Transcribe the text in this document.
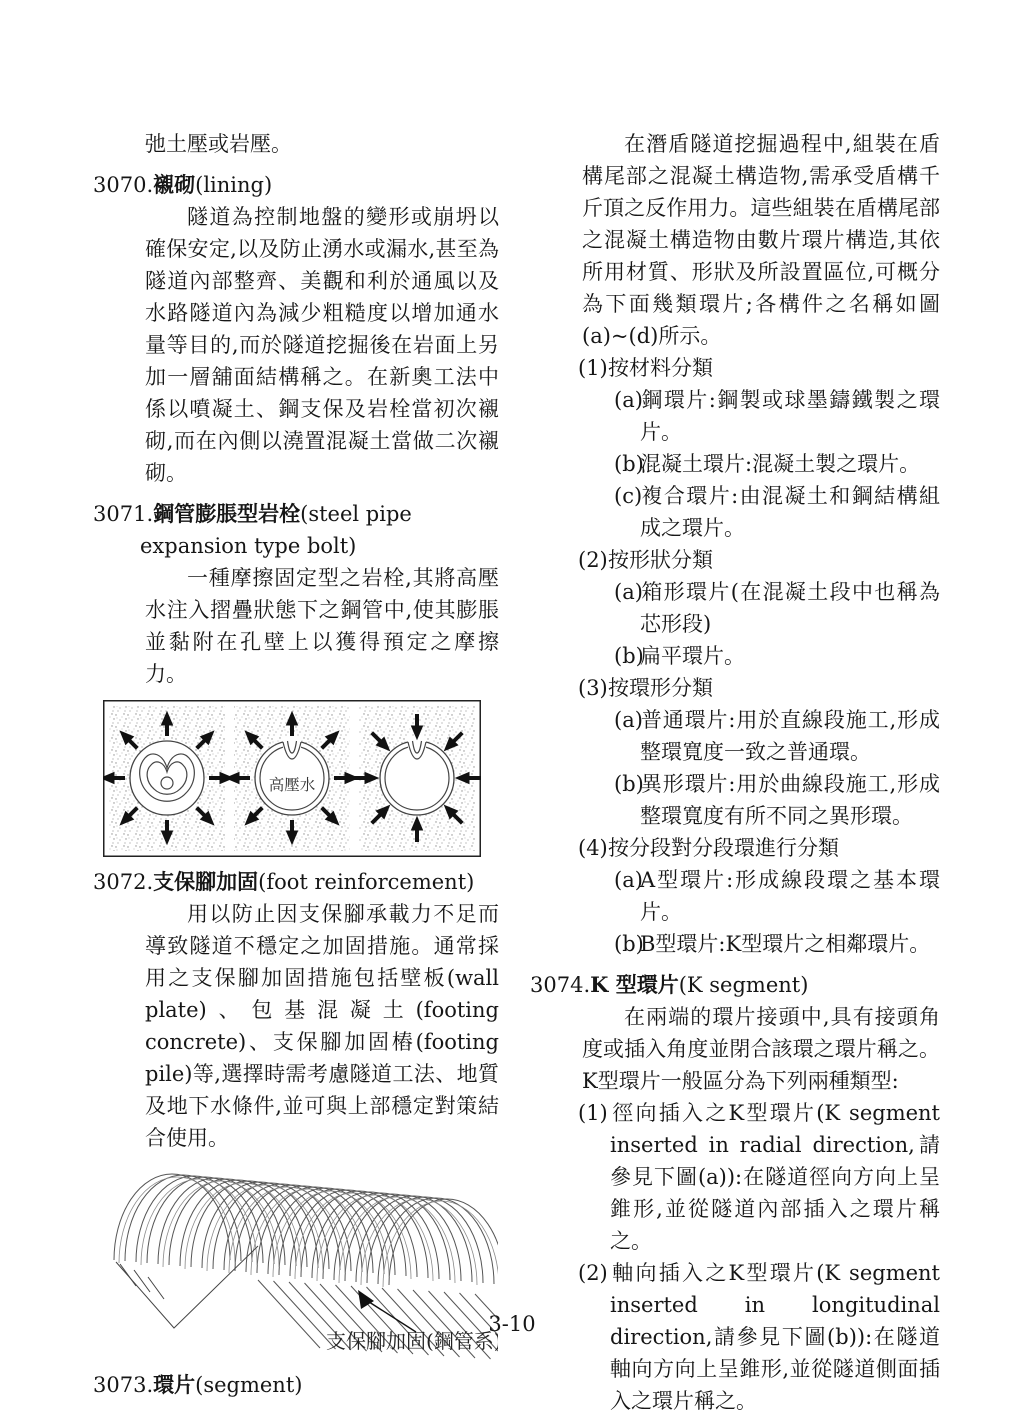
弛土壓或岩壓。
3070.襯砌(lining)
隧道為控制地盤的變形或崩坍以確保安定,以及防止湧水或漏水,甚至為隧道內部整齊、美觀和利於通風以及水路隧道內為減少粗糙度以增加通水量等目的,而於隧道挖掘後在岩面上另加一層舖面結構稱之。在新奧工法中係以噴凝土、鋼支保及岩栓當初次襯砌,而在內側以澆置混凝土當做二次襯砌。
3071.鋼管膨脹型岩栓(steel pipe expansion type bolt)
一種摩擦固定型之岩栓,其將高壓水注入摺疊狀態下之鋼管中,使其膨脹並黏附在孔壁上以獲得預定之摩擦力。
高壓水
3072.支保腳加固(foot reinforcement)
用以防止因支保腳承載力不足而導致隧道不穩定之加固措施。通常採用之支保腳加固措施包括壁板(wall plate)、包基混凝土(footing concrete)、支保腳加固樁(footing pile)等,選擇時需考慮隧道工法、地質及地下水條件,並可與上部穩定對策結合使用。
支保腳加固(鋼管系)
3073.環片(segment)
在潛盾隧道挖掘過程中,組裝在盾構尾部之混凝土構造物,需承受盾構千斤頂之反作用力。這些組裝在盾構尾部之混凝土構造物由數片環片構造,其依所用材質、形狀及所設置區位,可概分為下面幾類環片;各構件之名稱如圖(a)~(d)所示。
(1)按材料分類
(a)鋼環片:鋼製或球墨鑄鐵製之環片。
(b)混凝土環片:混凝土製之環片。
(c)複合環片:由混凝土和鋼結構組成之環片。
(2)按形狀分類
(a)箱形環片(在混凝土段中也稱為芯形段)
(b)扁平環片。
(3)按環形分類
(a)普通環片:用於直線段施工,形成整環寬度一致之普通環。
(b)異形環片:用於曲線段施工,形成整環寬度有所不同之異形環。
(4)按分段對分段環進行分類
(a)A型環片:形成線段環之基本環片。
(b)B型環片:K型環片之相鄰環片。
3074.K 型環片(K segment)
在兩端的環片接頭中,具有接頭角度或插入角度並閉合該環之環片稱之。K型環片一般區分為下列兩種類型:
(1) 徑向插入之K型環片(K segment inserted in radial direction,請參見下圖(a)):在隧道徑向方向上呈錐形,並從隧道內部插入之環片稱之。
(2) 軸向插入之K型環片(K segment inserted in longitudinal direction,請參見下圖(b)):在隧道軸向方向上呈錐形,並從隧道側面插入之環片稱之。
3-10
